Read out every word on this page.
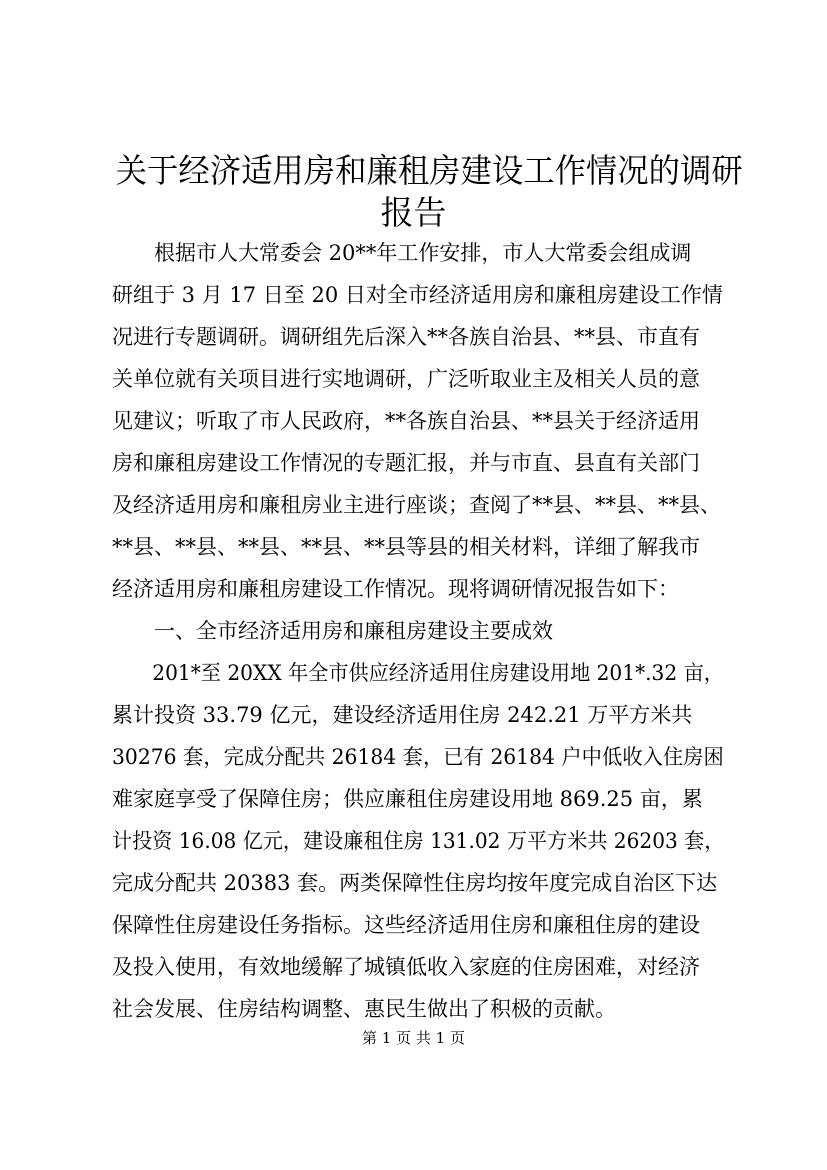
关于经济适用房和廉租房建设工作情况的调研
报告
　　根据市人大常委会 20**年工作安排，市人大常委会组成调
研组于 3 月 17 日至 20 日对全市经济适用房和廉租房建设工作情
况进行专题调研。调研组先后深入**各族自治县、**县、市直有
关单位就有关项目进行实地调研，广泛听取业主及相关人员的意
见建议；听取了市人民政府，**各族自治县、**县关于经济适用
房和廉租房建设工作情况的专题汇报，并与市直、县直有关部门
及经济适用房和廉租房业主进行座谈；查阅了**县、**县、**县、
**县、**县、**县、**县、**县等县的相关材料，详细了解我市
经济适用房和廉租房建设工作情况。现将调研情况报告如下：
　　一、全市经济适用房和廉租房建设主要成效
　　201*至 20XX 年全市供应经济适用住房建设用地 201*.32 亩，
累计投资 33.79 亿元，建设经济适用住房 242.21 万平方米共
30276 套，完成分配共 26184 套，已有 26184 户中低收入住房困
难家庭享受了保障住房；供应廉租住房建设用地 869.25 亩，累
计投资 16.08 亿元，建设廉租住房 131.02 万平方米共 26203 套，
完成分配共 20383 套。两类保障性住房均按年度完成自治区下达
保障性住房建设任务指标。这些经济适用住房和廉租住房的建设
及投入使用，有效地缓解了城镇低收入家庭的住房困难，对经济
社会发展、住房结构调整、惠民生做出了积极的贡献。
第 1 页 共 1 页
